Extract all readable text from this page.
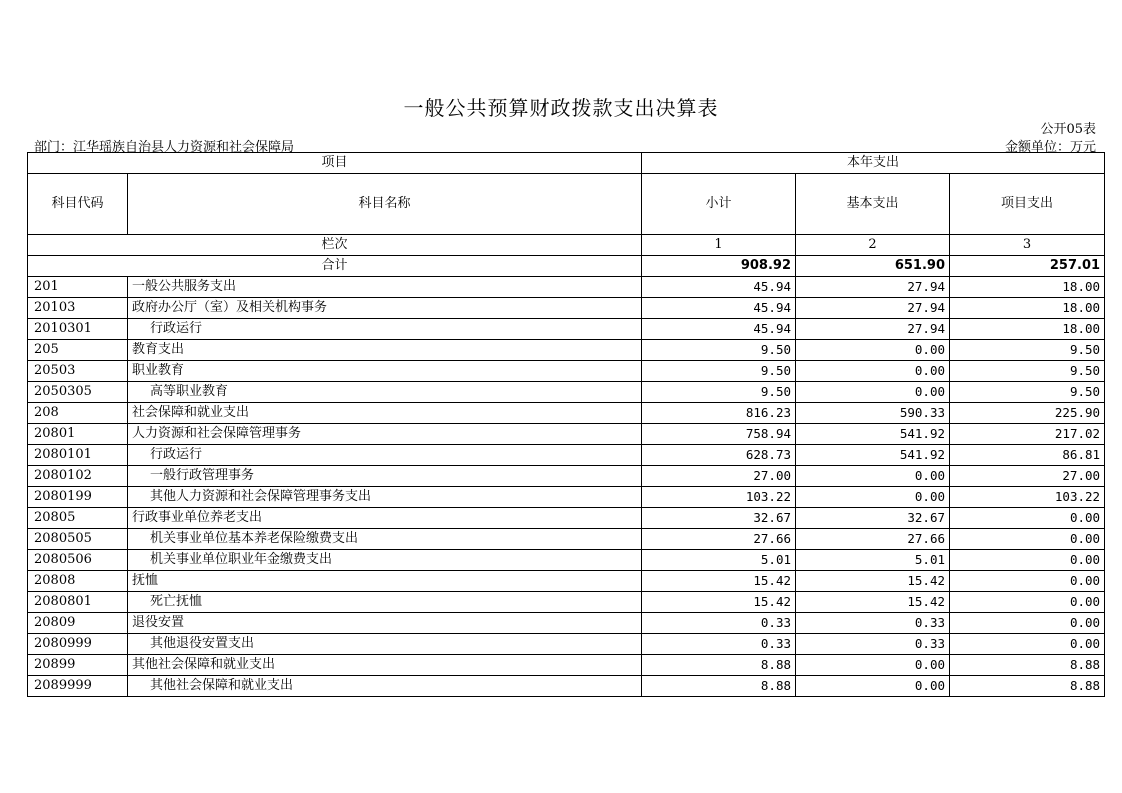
一般公共预算财政拨款支出决算表
公开05表
部门：江华瑶族自治县人力资源和社会保障局	金额单位：万元
项目		本年支出		
科目代码	科目名称	小计	基本支出	项目支出
栏次		1	2	3
合计		908.92	651.90	257.01
201	一般公共服务支出	45.94	27.94	18.00
20103	政府办公厅（室）及相关机构事务	45.94	27.94	18.00
2010301	行政运行	45.94	27.94	18.00
205	教育支出	9.50	0.00	9.50
20503	职业教育	9.50	0.00	9.50
2050305	高等职业教育	9.50	0.00	9.50
208	社会保障和就业支出	816.23	590.33	225.90
20801	人力资源和社会保障管理事务	758.94	541.92	217.02
2080101	行政运行	628.73	541.92	86.81
2080102	一般行政管理事务	27.00	0.00	27.00
2080199	其他人力资源和社会保障管理事务支出	103.22	0.00	103.22
20805	行政事业单位养老支出	32.67	32.67	0.00
2080505	机关事业单位基本养老保险缴费支出	27.66	27.66	0.00
2080506	机关事业单位职业年金缴费支出	5.01	5.01	0.00
20808	抚恤	15.42	15.42	0.00
2080801	死亡抚恤	15.42	15.42	0.00
20809	退役安置	0.33	0.33	0.00
2080999	其他退役安置支出	0.33	0.33	0.00
20899	其他社会保障和就业支出	8.88	0.00	8.88
2089999	其他社会保障和就业支出	8.88	0.00	8.88
